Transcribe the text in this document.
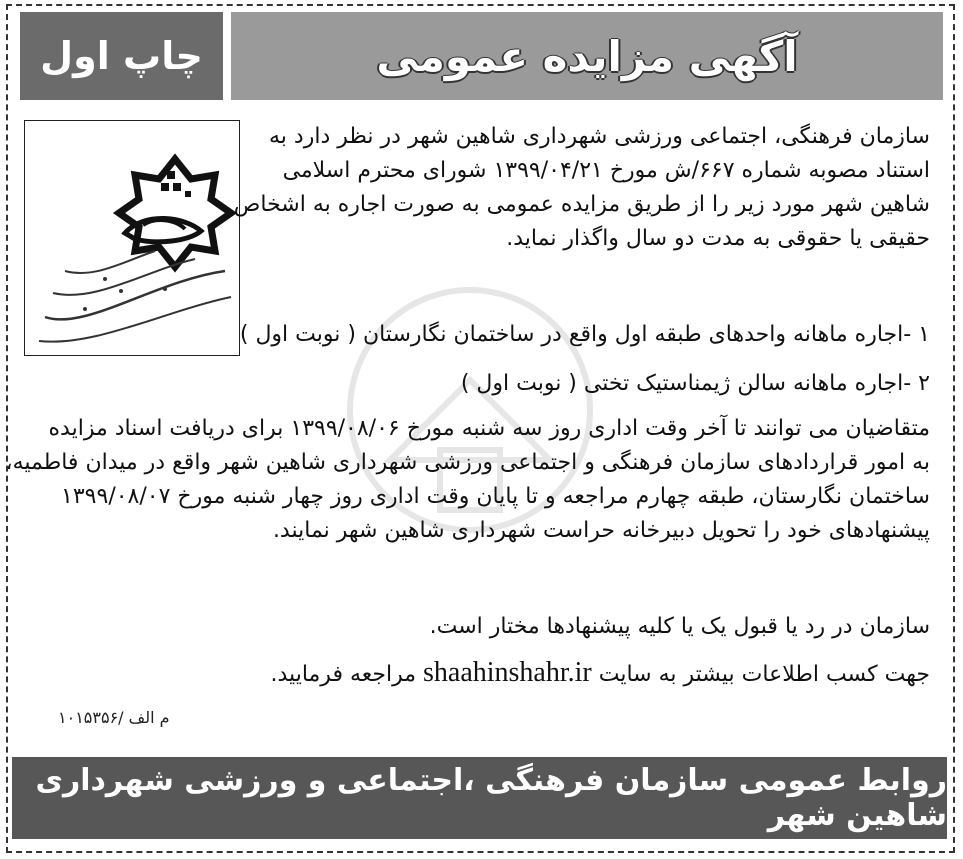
آگهی مزایده عمومی
چاپ اول
سازمان فرهنگی، اجتماعی ورزشی شهرداری شاهین شهر در نظر دارد به
استناد مصوبه شماره ۶۶۷/ش مورخ ۱۳۹۹/۰۴/۲۱ شورای محترم اسلامی
شاهین شهر مورد زیر را از طریق مزایده عمومی به صورت اجاره به اشخاص
حقیقی یا حقوقی به مدت دو سال واگذار نماید.
۱ -اجاره ماهانه واحدهای طبقه اول واقع در ساختمان نگارستان ( نوبت اول )
۲ -اجاره ماهانه سالن ژیمناستیک تختی ( نوبت اول )
متقاضیان می توانند تا آخر وقت اداری روز سه شنبه مورخ ۱۳۹۹/۰۸/۰۶ برای دریافت اسناد مزایده
به امور قراردادهای سازمان فرهنگی و اجتماعی ورزشی شهرداری شاهین شهر واقع در میدان فاطمیه،
ساختمان نگارستان، طبقه چهارم مراجعه و تا پایان وقت اداری روز چهار شنبه مورخ ۱۳۹۹/۰۸/۰۷
پیشنهادهای خود را تحویل دبیرخانه حراست شهرداری شاهین شهر نمایند.
سازمان در رد یا قبول یک یا کلیه پیشنهادها مختار است.
جهت کسب اطلاعات بیشتر به سایت shaahinshahr.ir مراجعه فرمایید.
م الف /۱۰۱۵۳۵۶
روابط عمومی سازمان فرهنگی ،اجتماعی و ورزشی شهرداری شاهین شهر
